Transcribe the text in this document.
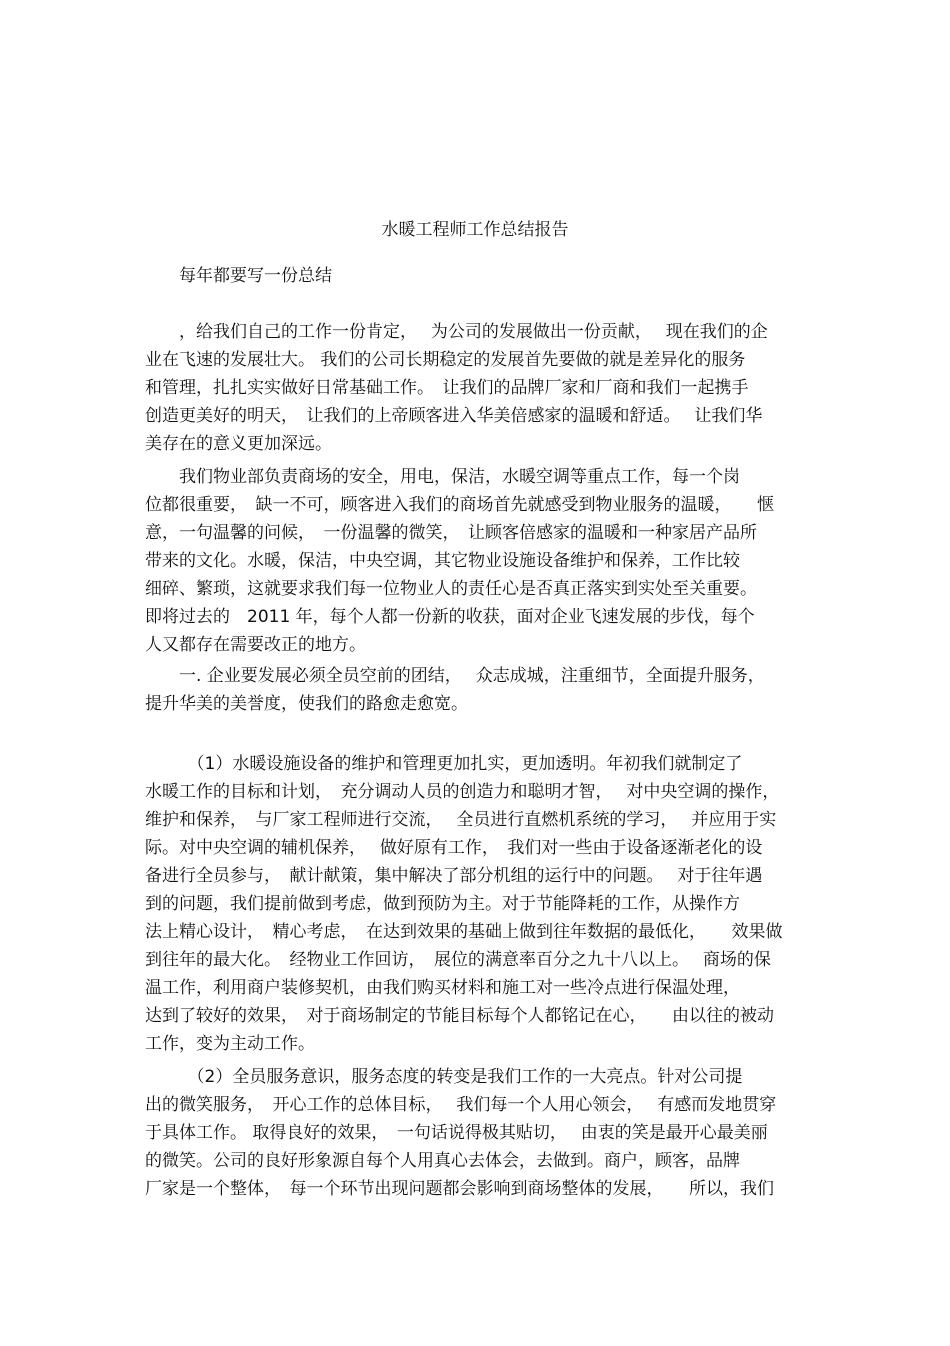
水暖工程师工作总结报告

　　每年都要写一份总结

　　，给我们自己的工作一份肯定，　 为公司的发展做出一份贡献，　 现在我们的企

业在飞速的发展壮大。 我们的公司长期稳定的发展首先要做的就是差异化的服务

和管理，扎扎实实做好日常基础工作。　让我们的品牌厂家和厂商和我们一起携手

创造更美好的明天，　让我们的上帝顾客进入华美倍感家的温暖和舒适。　 让我们华

美存在的意义更加深远。

　　我们物业部负责商场的安全，用电，保洁，水暖空调等重点工作，每一个岗

位都很重要，　缺一不可，顾客进入我们的商场首先就感受到物业服务的温暖，　　惬

意，一句温馨的问候，　一份温馨的微笑，　让顾客倍感家的温暖和一种家居产品所

带来的文化。水暖，保洁，中央空调，其它物业设施设备维护和保养，工作比较

细碎、繁琐，这就要求我们每一位物业人的责任心是否真正落实到实处至关重要。

即将过去的　2011 年，每个人都一份新的收获，面对企业飞速发展的步伐，每个

人又都存在需要改正的地方。

　　一. 企业要发展必须全员空前的团结，　 众志成城，注重细节，全面提升服务，

提升华美的美誉度，使我们的路愈走愈宽。

　　　（1）水暖设施设备的维护和管理更加扎实，更加透明。年初我们就制定了

水暖工作的目标和计划，　充分调动人员的创造力和聪明才智，　 对中央空调的操作，

维护和保养，　与厂家工程师进行交流，　 全员进行直燃机系统的学习，　 并应用于实

际。对中央空调的辅机保养，　 做好原有工作，　我们对一些由于设备逐渐老化的设

备进行全员参与，　献计献策，集中解决了部分机组的运行中的问题。　 对于往年遇

到的问题，我们提前做到考虑，做到预防为主。对于节能降耗的工作，从操作方

法上精心设计，　精心考虑，　在达到效果的基础上做到往年数据的最低化，　　效果做

到往年的最大化。　经物业工作回访，　展位的满意率百分之九十八以上。　 商场的保

温工作，利用商户装修契机，由我们购买材料和施工对一些冷点进行保温处理，

达到了较好的效果，　对于商场制定的节能目标每个人都铭记在心，　　由以往的被动

工作，变为主动工作。

　　　（2）全员服务意识，服务态度的转变是我们工作的一大亮点。针对公司提

出的微笑服务，　开心工作的总体目标，　 我们每一个人用心领会，　 有感而发地贯穿

于具体工作。 取得良好的效果，　一句话说得极其贴切，　 由衷的笑是最开心最美丽

的微笑。公司的良好形象源自每个人用真心去体会，去做到。商户，顾客，品牌

厂家是一个整体，　每一个环节出现问题都会影响到商场整体的发展，　　所以，我们
